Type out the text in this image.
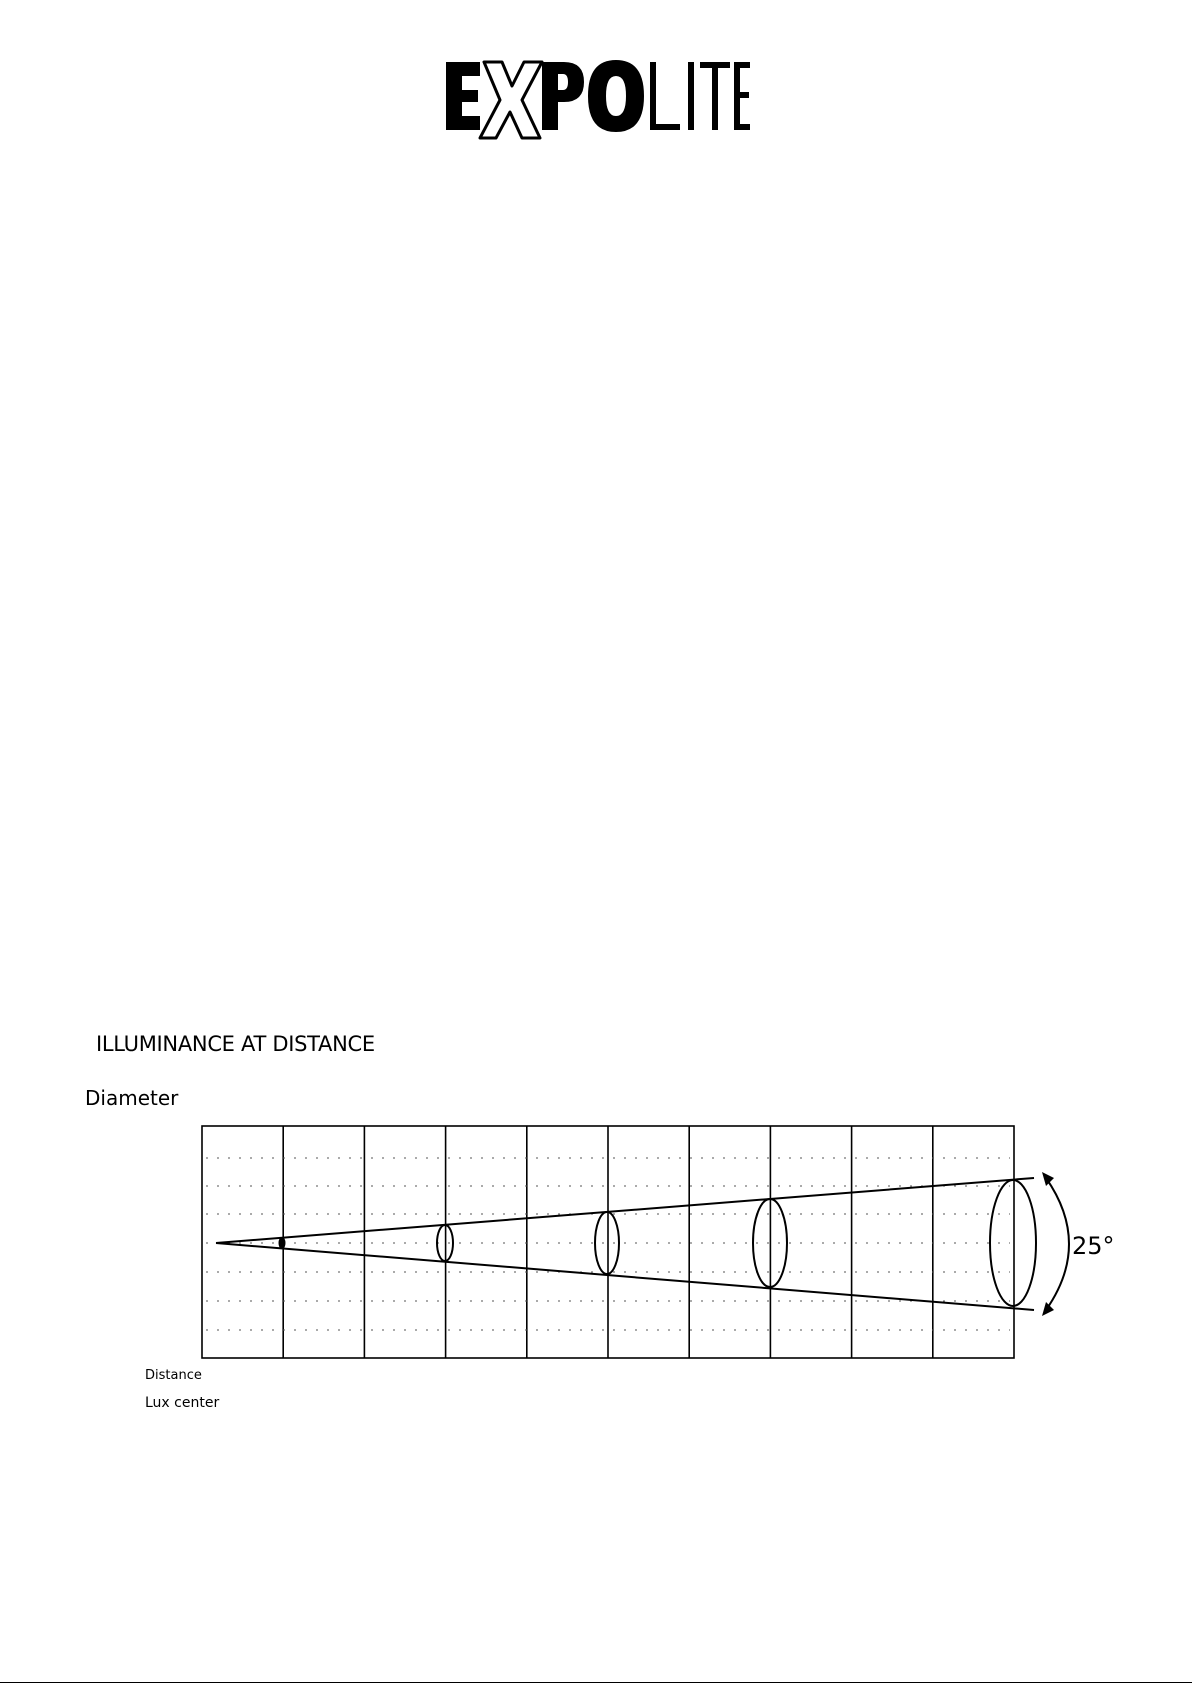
ILLUMINANCE AT DISTANCE
Diameter
25°
Distance
Lux center
